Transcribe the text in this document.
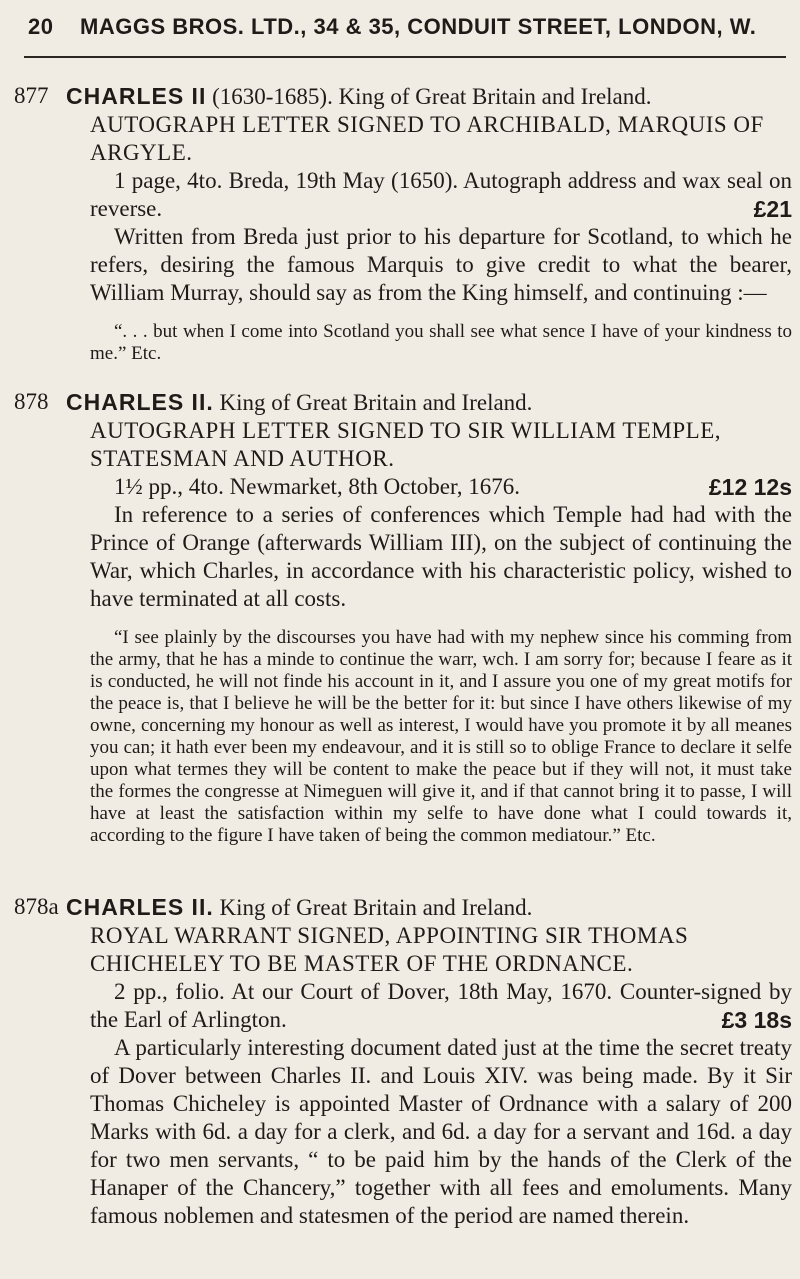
20 MAGGS BROS. LTD., 34 & 35, CONDUIT STREET, LONDON, W.
877 CHARLES II (1630-1685). King of Great Britain and Ireland.
AUTOGRAPH LETTER SIGNED TO ARCHIBALD, MARQUIS OF ARGYLE.

1 page, 4to. Breda, 19th May (1650). Autograph address and wax seal on reverse.	£21

Written from Breda just prior to his departure for Scotland, to which he refers, desiring the famous Marquis to give credit to what the bearer, William Murray, should say as from the King himself, and continuing :—

“. . . but when I come into Scotland you shall see what sence I have of your kindness to me.” Etc.

878 CHARLES II. King of Great Britain and Ireland.
AUTOGRAPH LETTER SIGNED TO SIR WILLIAM TEMPLE, STATESMAN AND AUTHOR.

1½ pp., 4to. Newmarket, 8th October, 1676.	£12 12s

In reference to a series of conferences which Temple had had with the Prince of Orange (afterwards William III), on the subject of continuing the War, which Charles, in accordance with his characteristic policy, wished to have terminated at all costs.

“I see plainly by the discourses you have had with my nephew since his comming from the army, that he has a minde to continue the warr, wch. I am sorry for; because I feare as it is conducted, he will not finde his account in it, and I assure you one of my great motifs for the peace is, that I believe he will be the better for it: but since I have others likewise of my owne, concerning my honour as well as interest, I would have you promote it by all meanes you can; it hath ever been my endeavour, and it is still so to oblige France to declare it selfe upon what termes they will be content to make the peace but if they will not, it must take the formes the congresse at Nimeguen will give it, and if that cannot bring it to passe, I will have at least the satisfaction within my selfe to have done what I could towards it, according to the figure I have taken of being the common mediatour.” Etc.

878a CHARLES II. King of Great Britain and Ireland.
ROYAL WARRANT SIGNED, APPOINTING SIR THOMAS CHICHELEY TO BE MASTER OF THE ORDNANCE.

2 pp., folio. At our Court of Dover, 18th May, 1670. Counter-signed by the Earl of Arlington.	£3 18s

A particularly interesting document dated just at the time the secret treaty of Dover between Charles II. and Louis XIV. was being made. By it Sir Thomas Chicheley is appointed Master of Ordnance with a salary of 200 Marks with 6d. a day for a clerk, and 6d. a day for a servant and 16d. a day for two men servants, “ to be paid him by the hands of the Clerk of the Hanaper of the Chancery,” together with all fees and emoluments. Many famous noblemen and statesmen of the period are named therein.
